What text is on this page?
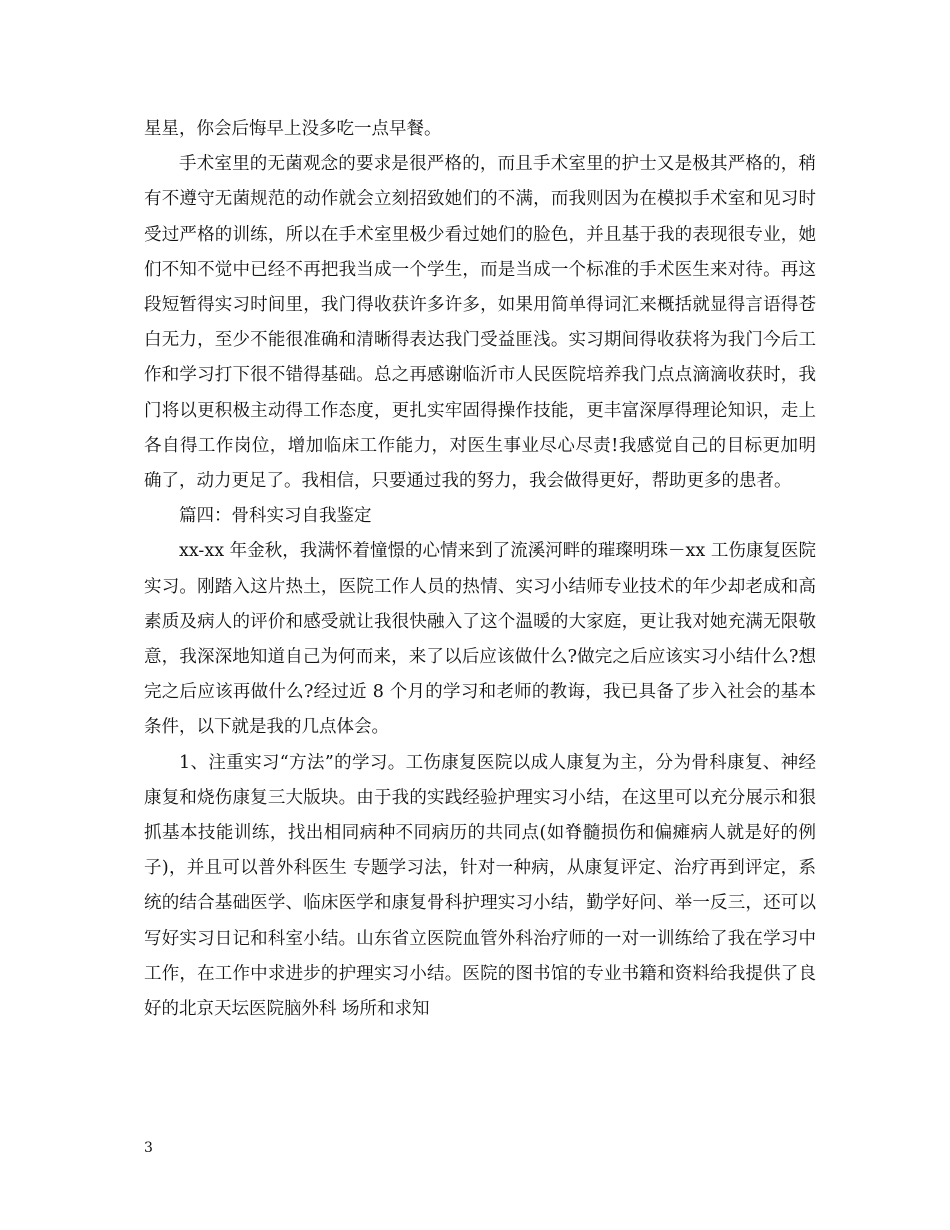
星星，你会后悔早上没多吃一点早餐。

手术室里的无菌观念的要求是很严格的，而且手术室里的护士又是极其严格的，稍有不遵守无菌规范的动作就会立刻招致她们的不满，而我则因为在模拟手术室和见习时受过严格的训练，所以在手术室里极少看过她们的脸色，并且基于我的表现很专业，她们不知不觉中已经不再把我当成一个学生，而是当成一个标准的手术医生来对待。再这段短暂得实习时间里，我门得收获许多许多，如果用简单得词汇来概括就显得言语得苍白无力，至少不能很准确和清晰得表达我门受益匪浅。实习期间得收获将为我门今后工作和学习打下很不错得基础。总之再感谢临沂市人民医院培养我门点点滴滴收获时，我门将以更积极主动得工作态度，更扎实牢固得操作技能，更丰富深厚得理论知识，走上各自得工作岗位，增加临床工作能力，对医生事业尽心尽责!我感觉自己的目标更加明确了，动力更足了。我相信，只要通过我的努力，我会做得更好，帮助更多的患者。

篇四：骨科实习自我鉴定

xx-xx 年金秋，我满怀着憧憬的心情来到了流溪河畔的璀璨明珠－xx 工伤康复医院实习。刚踏入这片热土，医院工作人员的热情、实习小结师专业技术的年少却老成和高素质及病人的评价和感受就让我很快融入了这个温暖的大家庭，更让我对她充满无限敬意，我深深地知道自己为何而来，来了以后应该做什么?做完之后应该实习小结什么?想完之后应该再做什么?经过近 8 个月的学习和老师的教诲，我已具备了步入社会的基本条件，以下就是我的几点体会。

1、注重实习“方法”的学习。工伤康复医院以成人康复为主，分为骨科康复、神经康复和烧伤康复三大版块。由于我的实践经验护理实习小结，在这里可以充分展示和狠抓基本技能训练，找出相同病种不同病历的共同点(如脊髓损伤和偏瘫病人就是好的例子)，并且可以普外科医生 专题学习法，针对一种病，从康复评定、治疗再到评定，系统的结合基础医学、临床医学和康复骨科护理实习小结，勤学好问、举一反三，还可以写好实习日记和科室小结。山东省立医院血管外科治疗师的一对一训练给了我在学习中工作，在工作中求进步的护理实习小结。医院的图书馆的专业书籍和资料给我提供了良好的北京天坛医院脑外科 场所和求知

3
